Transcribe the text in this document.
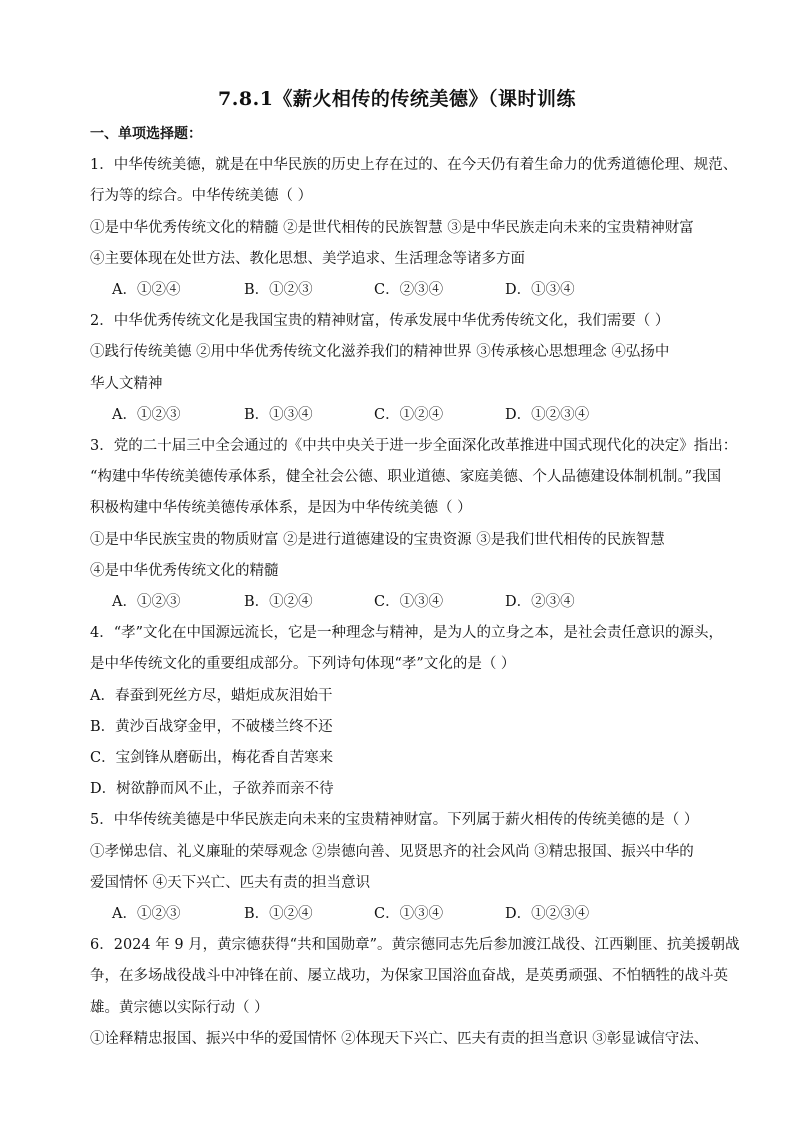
7.8.1《薪火相传的传统美德》（课时训练
一、单项选择题：
1．中华传统美德，就是在中华民族的历史上存在过的、在今天仍有着生命力的优秀道德伦理、规范、
行为等的综合。中华传统美德（ ）
①是中华优秀传统文化的精髓 ②是世代相传的民族智慧 ③是中华民族走向未来的宝贵精神财富
④主要体现在处世方法、教化思想、美学追求、生活理念等诸多方面
A．①②④	B．①②③	C．②③④	D．①③④
2．中华优秀传统文化是我国宝贵的精神财富，传承发展中华优秀传统文化，我们需要（ ）
①践行传统美德 ②用中华优秀传统文化滋养我们的精神世界 ③传承核心思想理念 ④弘扬中
华人文精神
A．①②③	B．①③④	C．①②④	D．①②③④
3．党的二十届三中全会通过的《中共中央关于进一步全面深化改革推进中国式现代化的决定》指出：
“构建中华传统美德传承体系，健全社会公德、职业道德、家庭美德、个人品德建设体制机制。”我国
积极构建中华传统美德传承体系，是因为中华传统美德（ ）
①是中华民族宝贵的物质财富 ②是进行道德建设的宝贵资源 ③是我们世代相传的民族智慧
④是中华优秀传统文化的精髓
A．①②③	B．①②④	C．①③④	D．②③④
4．“孝”文化在中国源远流长，它是一种理念与精神，是为人的立身之本，是社会责任意识的源头，
是中华传统文化的重要组成部分。下列诗句体现“孝”文化的是（ ）
A．春蚕到死丝方尽，蜡炬成灰泪始干
B．黄沙百战穿金甲，不破楼兰终不还
C．宝剑锋从磨砺出，梅花香自苦寒来
D．树欲静而风不止，子欲养而亲不待
5．中华传统美德是中华民族走向未来的宝贵精神财富。下列属于薪火相传的传统美德的是（ ）
①孝悌忠信、礼义廉耻的荣辱观念 ②崇德向善、见贤思齐的社会风尚 ③精忠报国、振兴中华的
爱国情怀 ④天下兴亡、匹夫有责的担当意识
A．①②③	B．①②④	C．①③④	D．①②③④
6．2024 年 9 月，黄宗德获得“共和国勋章”。黄宗德同志先后参加渡江战役、江西剿匪、抗美援朝战
争，在多场战役战斗中冲锋在前、屡立战功，为保家卫国浴血奋战，是英勇顽强、不怕牺牲的战斗英
雄。黄宗德以实际行动（ ）
①诠释精忠报国、振兴中华的爱国情怀 ②体现天下兴亡、匹夫有责的担当意识 ③彰显诚信守法、
